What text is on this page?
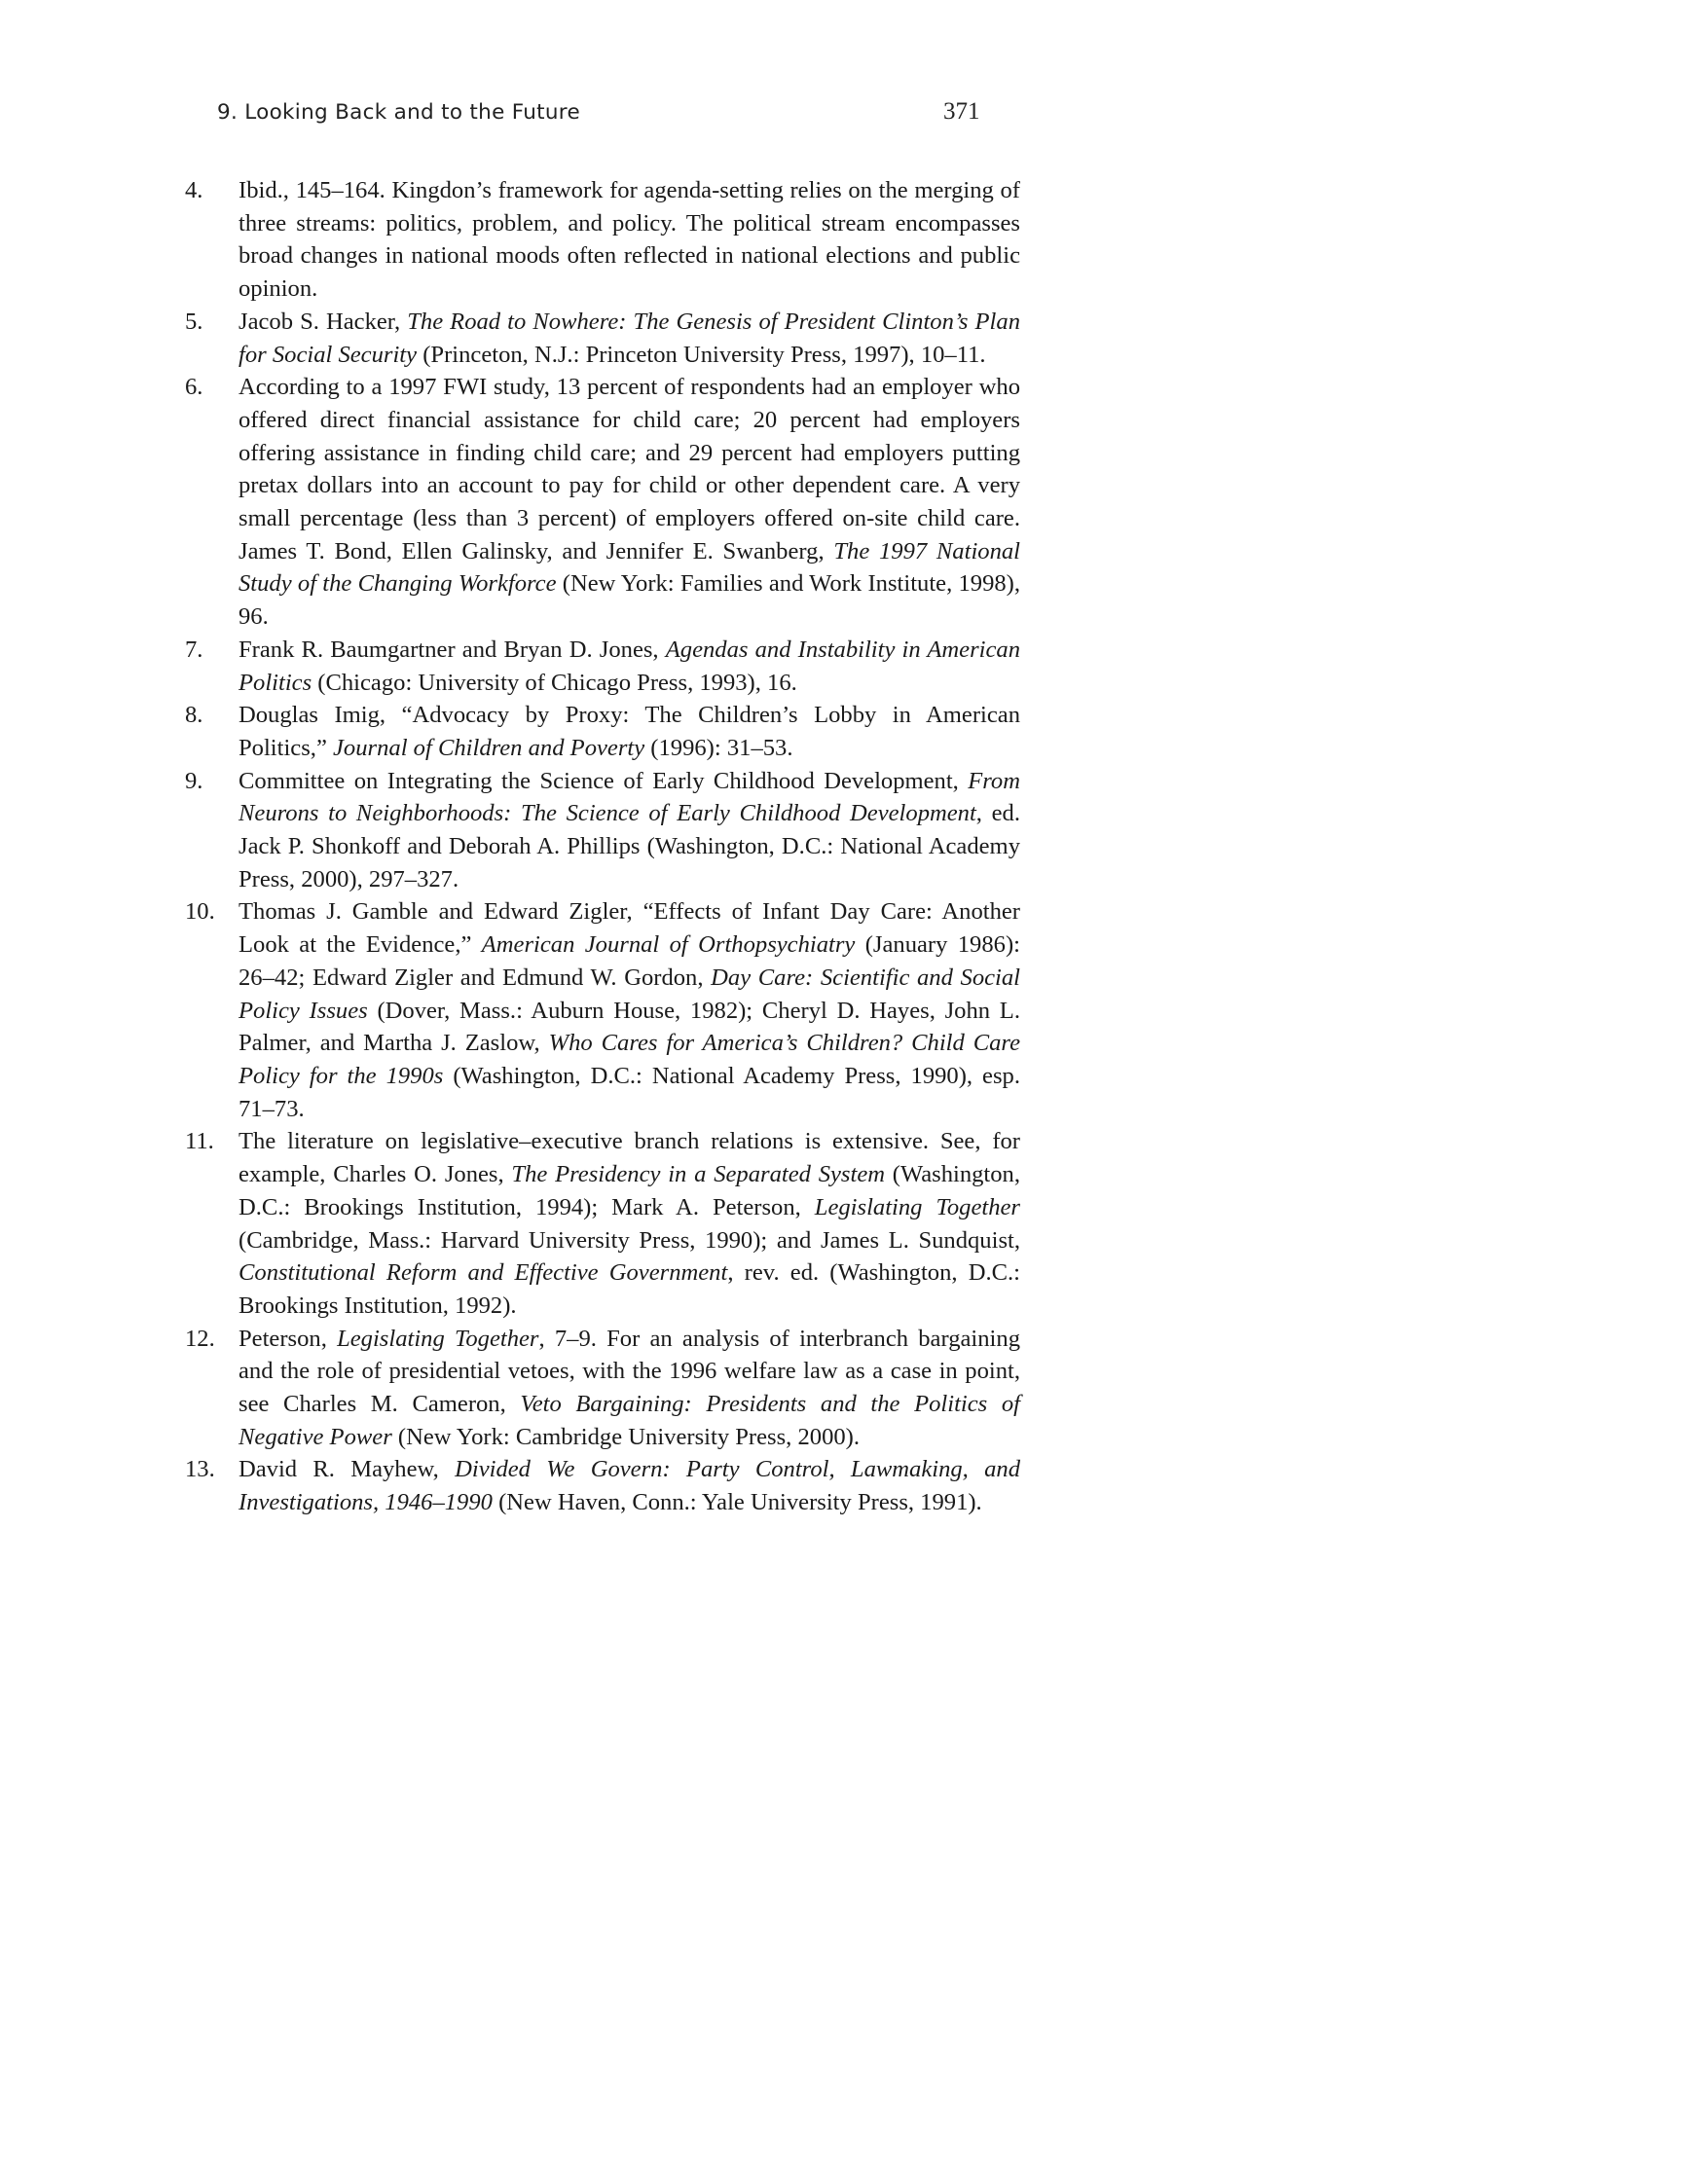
9. Looking Back and to the Future	371
4.	Ibid., 145–164. Kingdon’s framework for agenda-setting relies on the merging of three streams: politics, problem, and policy. The political stream encompasses broad changes in national moods often reflected in national elections and public opinion.
5.	Jacob S. Hacker, The Road to Nowhere: The Genesis of President Clinton’s Plan for Social Security (Princeton, N.J.: Princeton University Press, 1997), 10–11.
6.	According to a 1997 FWI study, 13 percent of respondents had an employer who offered direct financial assistance for child care; 20 percent had employers offering assistance in finding child care; and 29 percent had employers putting pretax dollars into an account to pay for child or other dependent care. A very small percentage (less than 3 percent) of employers offered on-site child care. James T. Bond, Ellen Galinsky, and Jennifer E. Swanberg, The 1997 National Study of the Changing Workforce (New York: Families and Work Institute, 1998), 96.
7.	Frank R. Baumgartner and Bryan D. Jones, Agendas and Instability in American Politics (Chicago: University of Chicago Press, 1993), 16.
8.	Douglas Imig, “Advocacy by Proxy: The Children’s Lobby in American Politics,” Journal of Children and Poverty (1996): 31–53.
9.	Committee on Integrating the Science of Early Childhood Development, From Neurons to Neighborhoods: The Science of Early Childhood Development, ed. Jack P. Shonkoff and Deborah A. Phillips (Washington, D.C.: National Academy Press, 2000), 297–327.
10. Thomas J. Gamble and Edward Zigler, “Effects of Infant Day Care: Another Look at the Evidence,” American Journal of Orthopsychiatry (January 1986): 26–42; Edward Zigler and Edmund W. Gordon, Day Care: Scientific and Social Policy Issues (Dover, Mass.: Auburn House, 1982); Cheryl D. Hayes, John L. Palmer, and Martha J. Zaslow, Who Cares for America’s Children? Child Care Policy for the 1990s (Washington, D.C.: National Academy Press, 1990), esp. 71–73.
11.	The literature on legislative–executive branch relations is extensive. See, for example, Charles O. Jones, The Presidency in a Separated System (Washington, D.C.: Brookings Institution, 1994); Mark A. Peterson, Legislating Together (Cambridge, Mass.: Harvard University Press, 1990); and James L. Sundquist, Constitutional Reform and Effective Government, rev. ed. (Washington, D.C.: Brookings Institution, 1992).
12. Peterson, Legislating Together, 7–9. For an analysis of interbranch bargaining and the role of presidential vetoes, with the 1996 welfare law as a case in point, see Charles M. Cameron, Veto Bargaining: Presidents and the Politics of Negative Power (New York: Cambridge University Press, 2000).
13. David R. Mayhew, Divided We Govern: Party Control, Lawmaking, and Investigations, 1946–1990 (New Haven, Conn.: Yale University Press, 1991).
